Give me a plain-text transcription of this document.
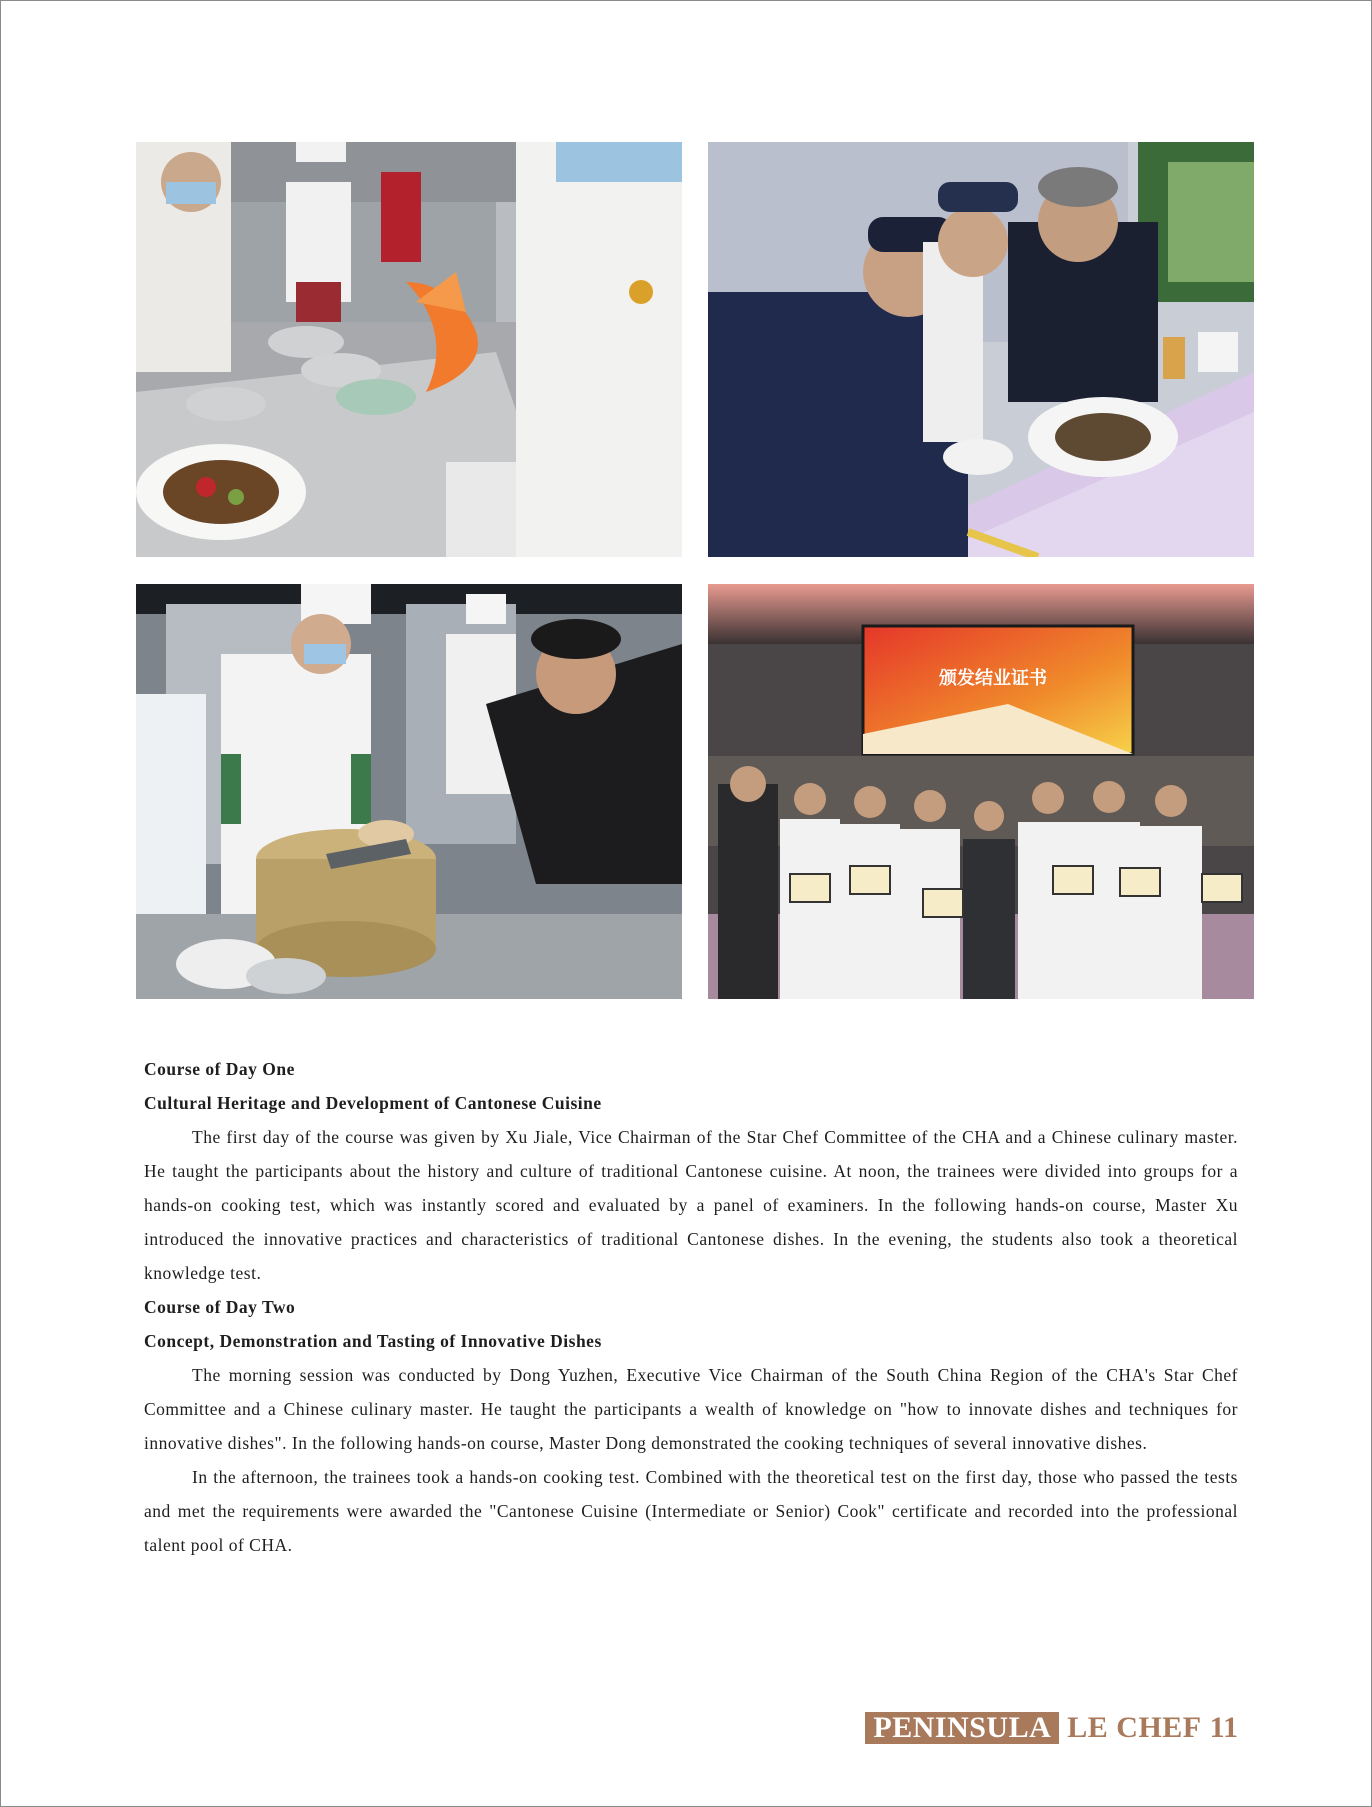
颁发结业证书

Course of Day One

Cultural Heritage and Development of Cantonese Cuisine

The first day of the course was given by Xu Jiale, Vice Chairman of the Star Chef Committee of the CHA and a Chinese culinary master. He taught the participants about the history and culture of traditional Cantonese cuisine. At noon, the trainees were divided into groups for a hands-on cooking test, which was instantly scored and evaluated by a panel of examiners. In the following hands-on course, Master Xu introduced the innovative practices and characteristics of traditional Cantonese dishes. In the evening, the students also took a theoretical knowledge test.

Course of Day Two

Concept, Demonstration and Tasting of Innovative Dishes

The morning session was conducted by Dong Yuzhen, Executive Vice Chairman of the South China Region of the CHA's Star Chef Committee and a Chinese culinary master. He taught the participants a wealth of knowledge on "how to innovate dishes and techniques for innovative dishes". In the following hands-on course, Master Dong demonstrated the cooking techniques of several innovative dishes.

In the afternoon, the trainees took a hands-on cooking test. Combined with the theoretical test on the first day, those who passed the tests and met the requirements were awarded the "Cantonese Cuisine (Intermediate or Senior) Cook" certificate and recorded into the professional talent pool of CHA.

PENINSULA LE CHEF 11
